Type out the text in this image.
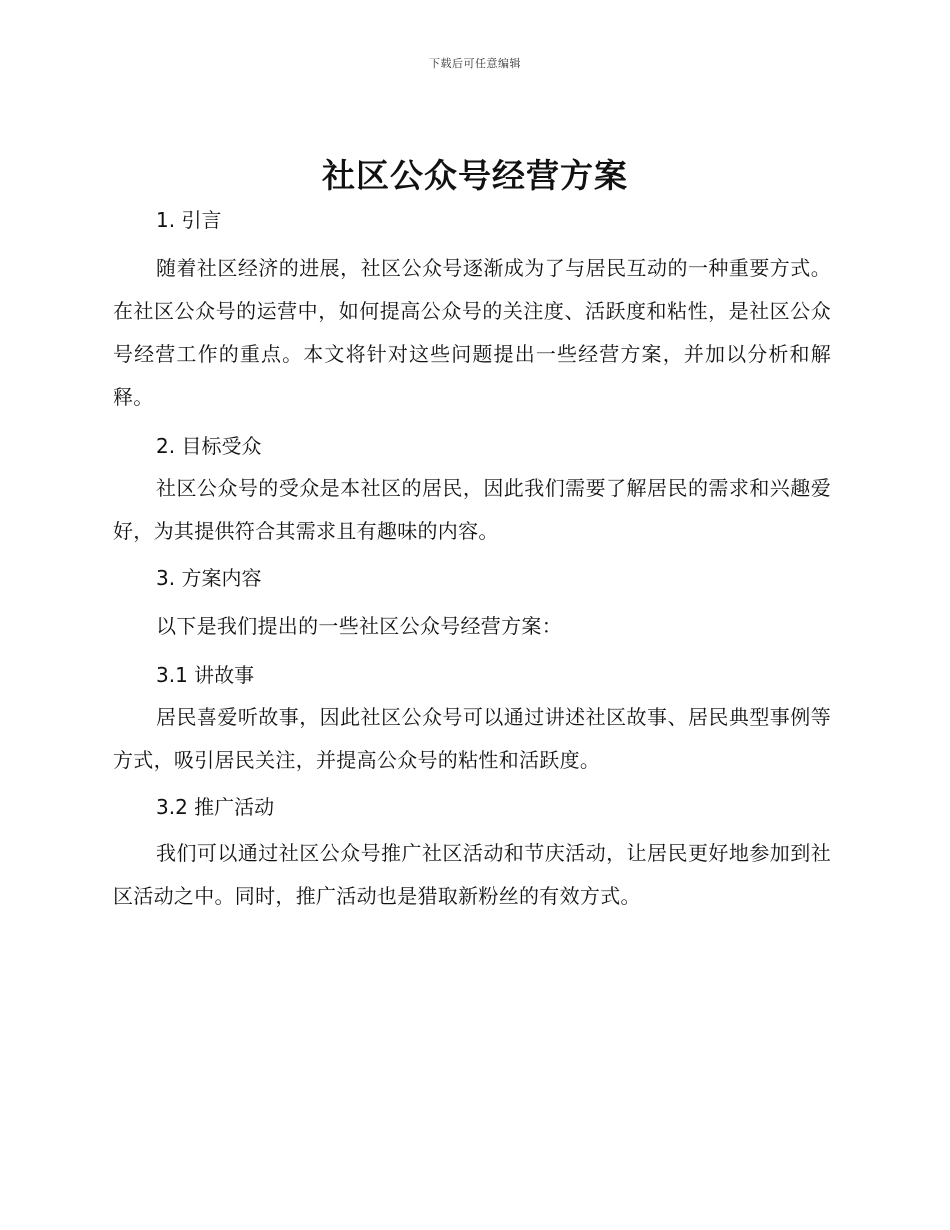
下载后可任意编辑
社区公众号经营方案
1. 引言

随着社区经济的进展，社区公众号逐渐成为了与居民互动的一种重要方式。在社区公众号的运营中，如何提高公众号的关注度、活跃度和粘性，是社区公众号经营工作的重点。本文将针对这些问题提出一些经营方案，并加以分析和解释。

2. 目标受众

社区公众号的受众是本社区的居民，因此我们需要了解居民的需求和兴趣爱好，为其提供符合其需求且有趣味的内容。

3. 方案内容

以下是我们提出的一些社区公众号经营方案：

3.1 讲故事

居民喜爱听故事，因此社区公众号可以通过讲述社区故事、居民典型事例等方式，吸引居民关注，并提高公众号的粘性和活跃度。

3.2 推广活动

我们可以通过社区公众号推广社区活动和节庆活动，让居民更好地参加到社区活动之中。同时，推广活动也是猎取新粉丝的有效方式。
